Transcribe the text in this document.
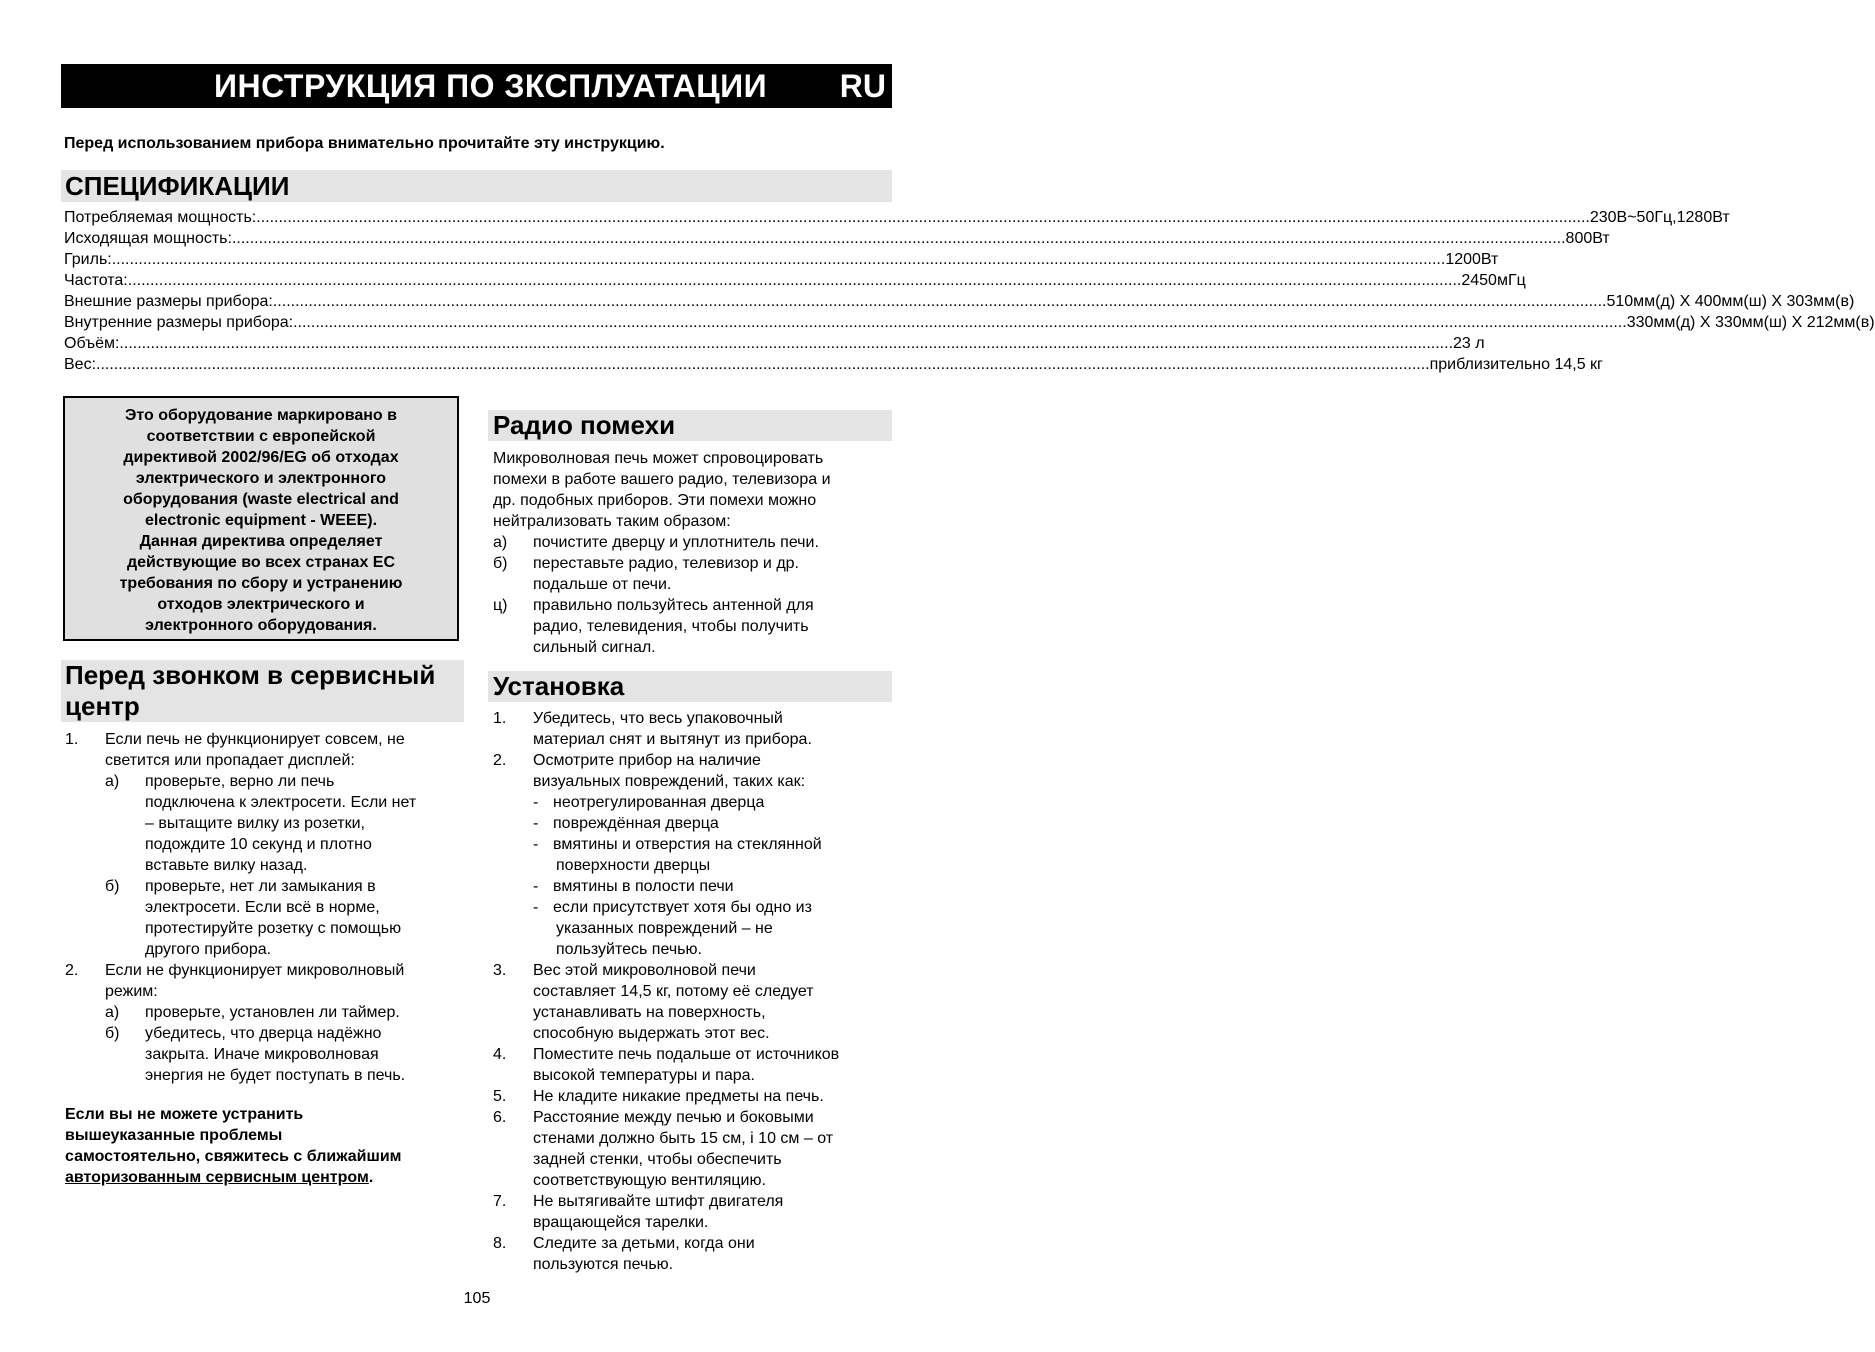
ИНСТРУКЦИЯ ПО ЗКСПЛУАТАЦИИ RU
Перед использованием прибора внимательно прочитайте эту инструкцию.
СПЕЦИФИКАЦИИ
Потребляемая мощность: ............................................................................................................................................................................................................................................................................................................ 230В~50Гц,1280Вт
Исходящая мощность: ............................................................................................................................................................................................................................................................................................................ 800Вт
Гриль: ............................................................................................................................................................................................................................................................................................................ 1200Вт
Частота: ............................................................................................................................................................................................................................................................................................................ 2450мГц
Внешние размеры прибора: ............................................................................................................................................................................................................................................................................................................ 510мм(д) Х 400мм(ш) Х 303мм(в)
Внутренние размеры прибора: ............................................................................................................................................................................................................................................................................................................ 330мм(д) Х 330мм(ш) Х 212мм(в)
Объём: ............................................................................................................................................................................................................................................................................................................ 23 л
Вес: ............................................................................................................................................................................................................................................................................................................ приблизительно 14,5 кг
Это оборудование маркировано в
соответствии с европейской
директивой 2002/96/EG об отходах
электрического и электронного
оборудования (waste electrical and
electronic equipment - WEEE).
Данная директива определяет
действующие во всех странах ЕС
требования по сбору и устранению
отходов электрического и
электронного оборудования.
Радио помехи
Микроволновая печь может спровоцировать
помехи в работе вашего радио, телевизора и
др. подобных приборов. Эти помехи можно
нейтрализовать таким образом:
а) почистите дверцу и уплотнитель печи.
б) переставьте радио, телевизор и др.
подальше от печи.
ц) правильно пользуйтесь антенной для
радио, телевидения, чтобы получить
сильный сигнал.
Перед звонком в сервисный
центр
1. Если печь не функционирует совсем, не
светится или пропадает дисплей:
а) проверьте, верно ли печь
подключена к электросети. Если нет
– вытащите вилку из розетки,
подождите 10 секунд и плотно
вставьте вилку назад.
б) проверьте, нет ли замыкания в
электросети. Если всё в норме,
протестируйте розетку с помощью
другого прибора.
2. Если не функционирует микроволновый
режим:
а) проверьте, установлен ли таймер.
б) убедитесь, что дверца надёжно
закрыта. Иначе микроволновая
энергия не будет поступать в печь.
Если вы не можете устранить
вышеуказанные проблемы
самостоятельно, свяжитесь с ближайшим
авторизованным сервисным центром.
Установка
1. Убедитесь, что весь упаковочный
материал снят и вытянут из прибора.
2. Осмотрите прибор на наличие
визуальных повреждений, таких как:
- неотрегулированная дверца
- повреждённая дверца
- вмятины и отверстия на стеклянной
поверхности дверцы
- вмятины в полости печи
- если присутствует хотя бы одно из
указанных повреждений – не
пользуйтесь печью.
3. Вес этой микроволновой печи
составляет 14,5 кг, потому её следует
устанавливать на поверхность,
способную выдержать этот вес.
4. Поместите печь подальше от источников
высокой температуры и пара.
5. Не кладите никакие предметы на печь.
6. Расстояние между печью и боковыми
стенами должно быть 15 см, і 10 см – от
задней стенки, чтобы обеспечить
соответствующую вентиляцию.
7. Не вытягивайте штифт двигателя
вращающейся тарелки.
8. Следите за детьми, когда они
пользуются печью.
105
